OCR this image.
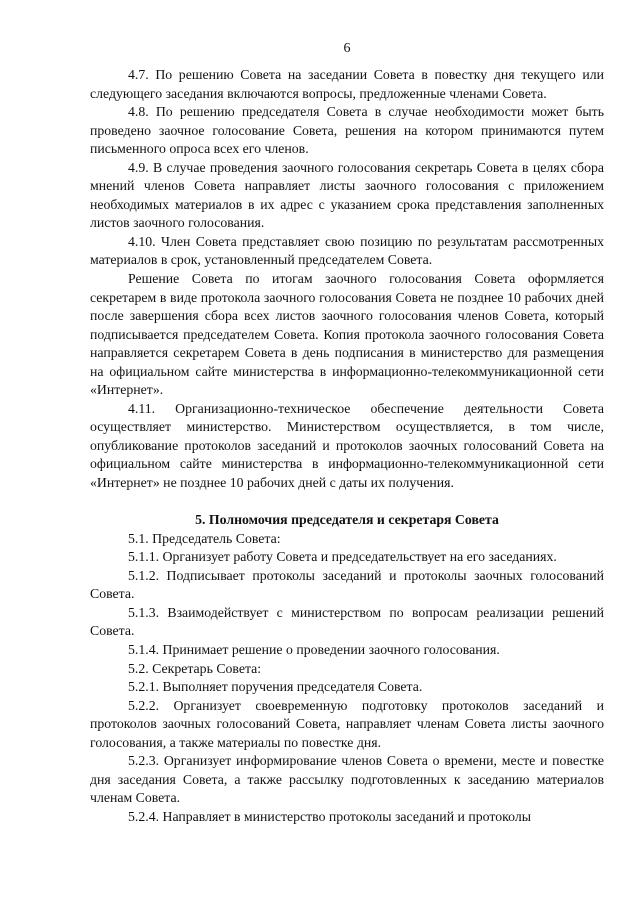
6

4.7. По решению Совета на заседании Совета в повестку дня текущего или следующего заседания включаются вопросы, предложенные членами Совета.

4.8. По решению председателя Совета в случае необходимости может быть проведено заочное голосование Совета, решения на котором принимаются путем письменного опроса всех его членов.

4.9. В случае проведения заочного голосования секретарь Совета в целях сбора мнений членов Совета направляет листы заочного голосования с приложением необходимых материалов в их адрес с указанием срока представления заполненных листов заочного голосования.

4.10. Член Совета представляет свою позицию по результатам рассмотренных материалов в срок, установленный председателем Совета.

Решение Совета по итогам заочного голосования Совета оформляется секретарем в виде протокола заочного голосования Совета не позднее 10 рабочих дней после завершения сбора всех листов заочного голосования членов Совета, который подписывается председателем Совета. Копия протокола заочного голосования Совета направляется секретарем Совета в день подписания в министерство для размещения на официальном сайте министерства в информационно-телекоммуникационной сети «Интернет».

4.11. Организационно-техническое обеспечение деятельности Совета осуществляет министерство. Министерством осуществляется, в том числе, опубликование протоколов заседаний и протоколов заочных голосований Совета на официальном сайте министерства в информационно-телекоммуникационной сети «Интернет» не позднее 10 рабочих дней с даты их получения.

5. Полномочия председателя и секретаря Совета

5.1. Председатель Совета:

5.1.1. Организует работу Совета и председательствует на его заседаниях.

5.1.2. Подписывает протоколы заседаний и протоколы заочных голосований Совета.

5.1.3. Взаимодействует с министерством по вопросам реализации решений Совета.

5.1.4. Принимает решение о проведении заочного голосования.

5.2. Секретарь Совета:

5.2.1. Выполняет поручения председателя Совета.

5.2.2. Организует своевременную подготовку протоколов заседаний и протоколов заочных голосований Совета, направляет членам Совета листы заочного голосования, а также материалы по повестке дня.

5.2.3. Организует информирование членов Совета о времени, месте и повестке дня заседания Совета, а также рассылку подготовленных к заседанию материалов членам Совета.

5.2.4. Направляет в министерство протоколы заседаний и протоколы
